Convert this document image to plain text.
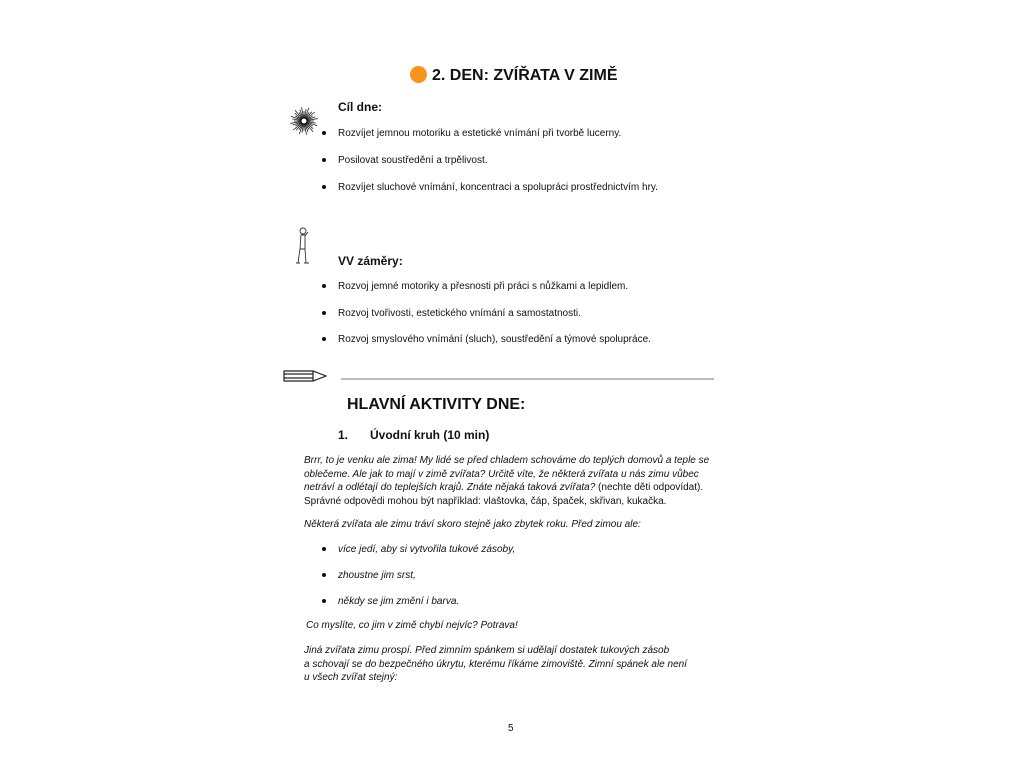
2. DEN: ZVÍŘATA V ZIMĚ
Cíl dne:
Rozvíjet jemnou motoriku a estetické vnímání při tvorbě lucerny.
Posilovat soustředění a trpělivost.
Rozvíjet sluchové vnímání, koncentraci a spolupráci prostřednictvím hry.
VV záměry:
Rozvoj jemné motoriky a přesnosti při práci s nůžkami a lepidlem.
Rozvoj tvořivosti, estetického vnímání a samostatnosti.
Rozvoj smyslového vnímání (sluch), soustředění a týmové spolupráce.
HLAVNÍ AKTIVITY DNE:
1. Úvodní kruh (10 min)
Brrr, to je venku ale zima! My lidé se před chladem schováme do teplých domovů a teple se
oblečeme. Ale jak to mají v zimě zvířata? Určitě víte, že některá zvířata u nás zimu vůbec
netráví a odlétají do teplejších krajů. Znáte nějaká taková zvířata? (nechte děti odpovídat).
Správné odpovědi mohou být například: vlaštovka, čáp, špaček, skřivan, kukačka.
Některá zvířata ale zimu tráví skoro stejně jako zbytek roku. Před zimou ale:
více jedí, aby si vytvořila tukové zásoby,
zhoustne jim srst,
někdy se jim změní i barva.
Co myslíte, co jim v zimě chybí nejvíc? Potrava!
Jiná zvířata zimu prospí. Před zimním spánkem si udělají dostatek tukových zásob
a schovají se do bezpečného úkrytu, kterému říkáme zimoviště. Zimní spánek ale není
u všech zvířat stejný:
5
